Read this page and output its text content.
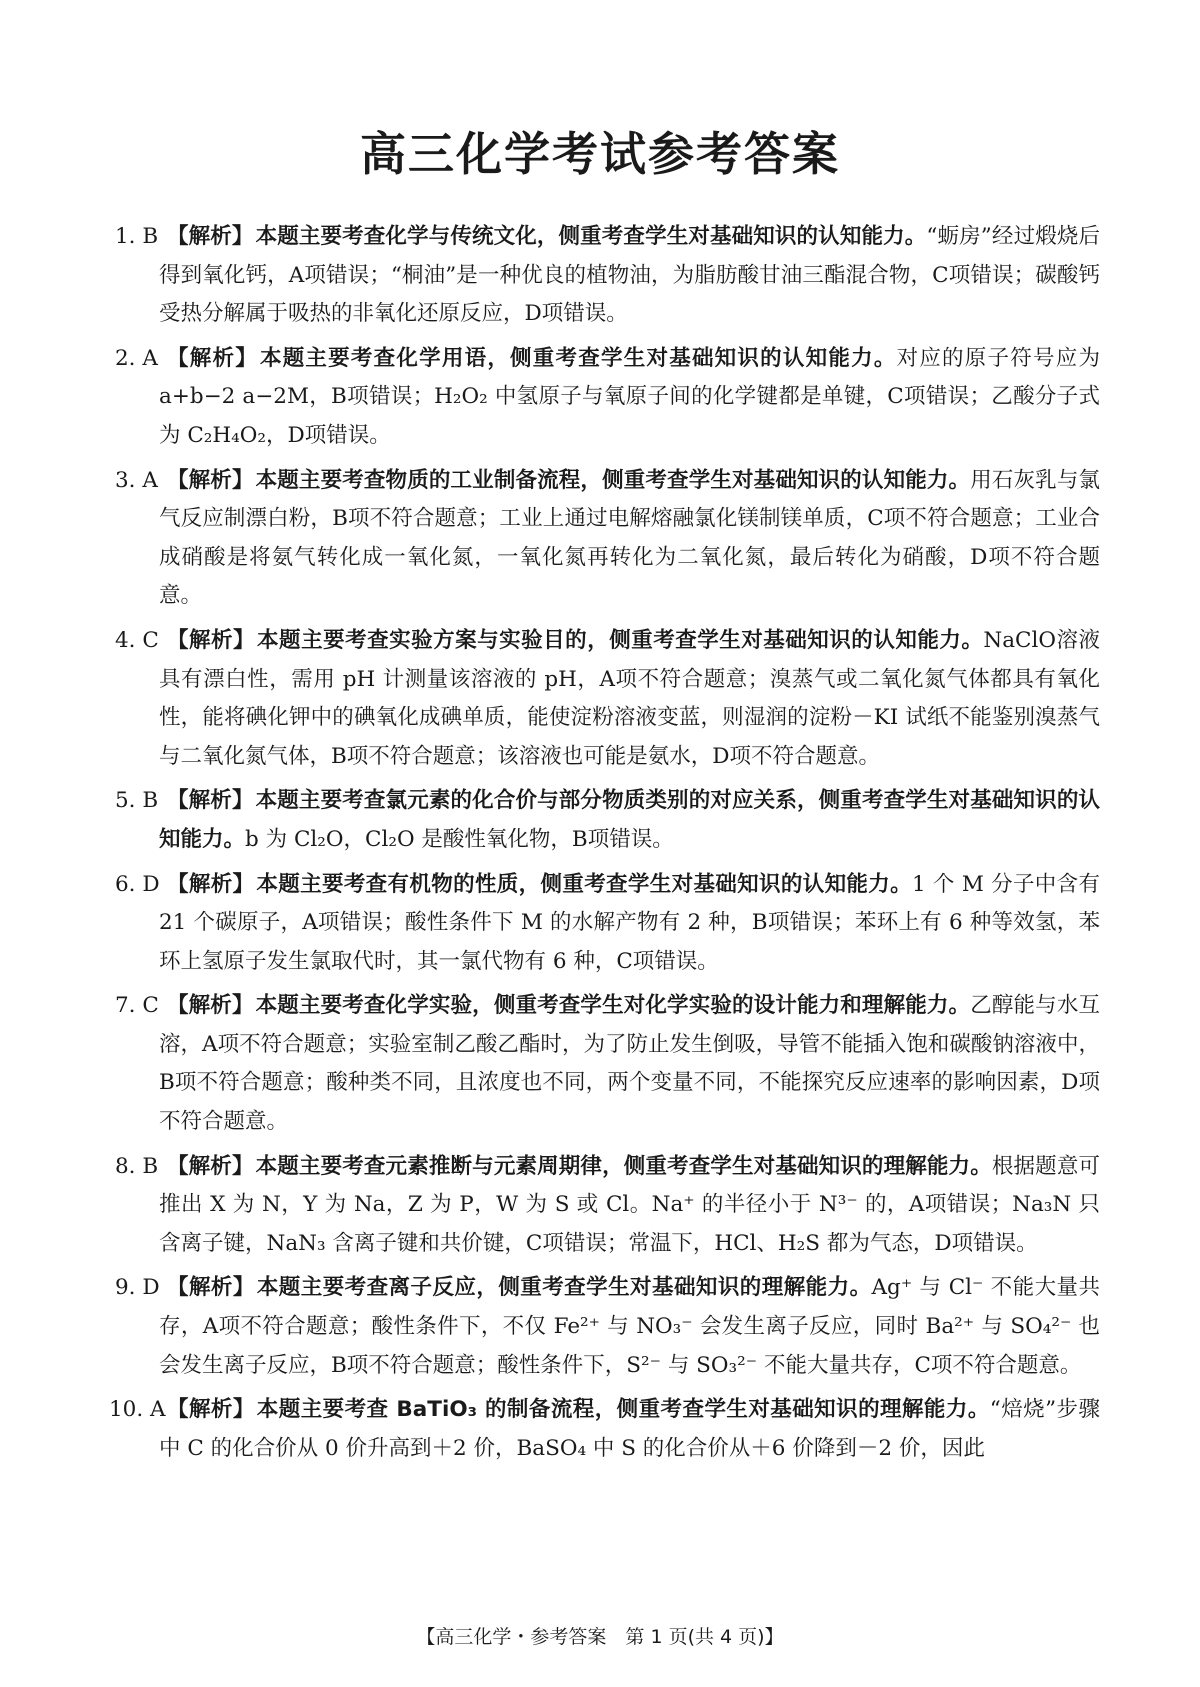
高三化学考试参考答案
1. B 【解析】本题主要考查化学与传统文化，侧重考查学生对基础知识的认知能力。“蛎房”经过煅烧后得到氧化钙，A项错误；“桐油”是一种优良的植物油，为脂肪酸甘油三酯混合物，C项错误；碳酸钙受热分解属于吸热的非氧化还原反应，D项错误。
2. A 【解析】本题主要考查化学用语，侧重考查学生对基础知识的认知能力。对应的原子符号应为 a+b−2 a−2M，B项错误；H₂O₂ 中氢原子与氧原子间的化学键都是单键，C项错误；乙酸分子式为 C₂H₄O₂，D项错误。
3. A 【解析】本题主要考查物质的工业制备流程，侧重考查学生对基础知识的认知能力。用石灰乳与氯气反应制漂白粉，B项不符合题意；工业上通过电解熔融氯化镁制镁单质，C项不符合题意；工业合成硝酸是将氨气转化成一氧化氮，一氧化氮再转化为二氧化氮，最后转化为硝酸，D项不符合题意。
4. C 【解析】本题主要考查实验方案与实验目的，侧重考查学生对基础知识的认知能力。NaClO溶液具有漂白性，需用 pH 计测量该溶液的 pH，A项不符合题意；溴蒸气或二氧化氮气体都具有氧化性，能将碘化钾中的碘氧化成碘单质，能使淀粉溶液变蓝，则湿润的淀粉－KI 试纸不能鉴别溴蒸气与二氧化氮气体，B项不符合题意；该溶液也可能是氨水，D项不符合题意。
5. B 【解析】本题主要考查氯元素的化合价与部分物质类别的对应关系，侧重考查学生对基础知识的认知能力。b 为 Cl₂O，Cl₂O 是酸性氧化物，B项错误。
6. D 【解析】本题主要考查有机物的性质，侧重考查学生对基础知识的认知能力。1 个 M 分子中含有 21 个碳原子，A项错误；酸性条件下 M 的水解产物有 2 种，B项错误；苯环上有 6 种等效氢，苯环上氢原子发生氯取代时，其一氯代物有 6 种，C项错误。
7. C 【解析】本题主要考查化学实验，侧重考查学生对化学实验的设计能力和理解能力。乙醇能与水互溶，A项不符合题意；实验室制乙酸乙酯时，为了防止发生倒吸，导管不能插入饱和碳酸钠溶液中，B项不符合题意；酸种类不同，且浓度也不同，两个变量不同，不能探究反应速率的影响因素，D项不符合题意。
8. B 【解析】本题主要考查元素推断与元素周期律，侧重考查学生对基础知识的理解能力。根据题意可推出 X 为 N，Y 为 Na，Z 为 P，W 为 S 或 Cl。Na⁺ 的半径小于 N³⁻ 的，A项错误；Na₃N 只含离子键，NaN₃ 含离子键和共价键，C项错误；常温下，HCl、H₂S 都为气态，D项错误。
9. D 【解析】本题主要考查离子反应，侧重考查学生对基础知识的理解能力。Ag⁺ 与 Cl⁻ 不能大量共存，A项不符合题意；酸性条件下，不仅 Fe²⁺ 与 NO₃⁻ 会发生离子反应，同时 Ba²⁺ 与 SO₄²⁻ 也会发生离子反应，B项不符合题意；酸性条件下，S²⁻ 与 SO₃²⁻ 不能大量共存，C项不符合题意。
10. A 【解析】本题主要考查 BaTiO₃ 的制备流程，侧重考查学生对基础知识的理解能力。“焙烧”步骤中 C 的化合价从 0 价升高到＋2 价，BaSO₄ 中 S 的化合价从＋6 价降到－2 价，因此
【高三化学・参考答案　第 1 页(共 4 页)】
